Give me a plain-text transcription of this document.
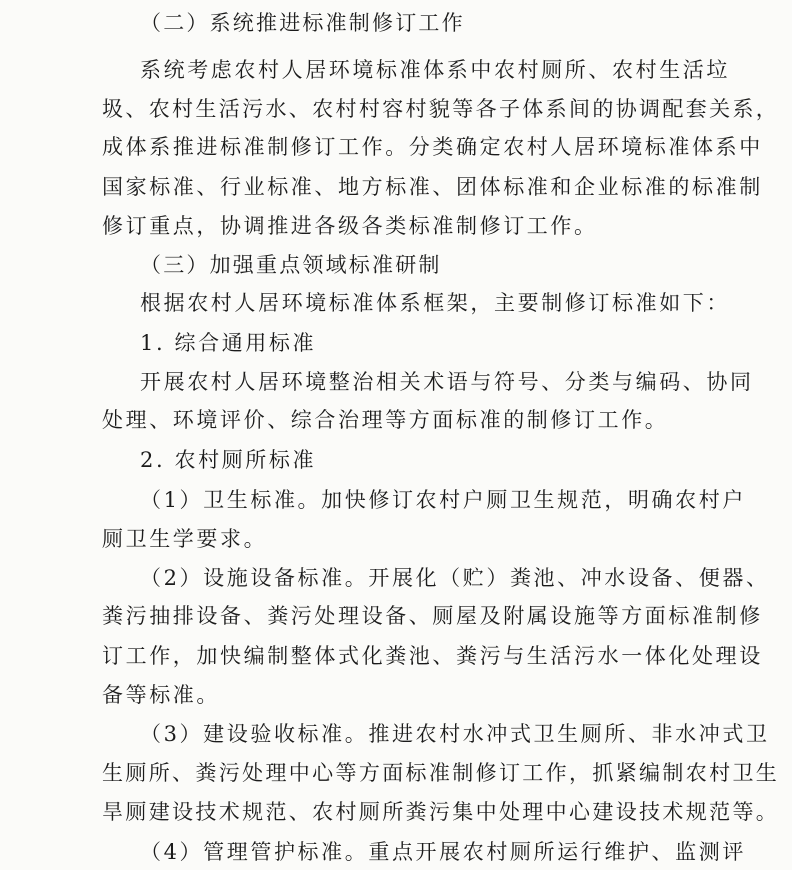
（二）系统推进标准制修订工作
系统考虑农村人居环境标准体系中农村厕所、农村生活垃
圾、农村生活污水、农村村容村貌等各子体系间的协调配套关系，
成体系推进标准制修订工作。分类确定农村人居环境标准体系中
国家标准、行业标准、地方标准、团体标准和企业标准的标准制
修订重点，协调推进各级各类标准制修订工作。
（三）加强重点领域标准研制
根据农村人居环境标准体系框架，主要制修订标准如下：
1. 综合通用标准
开展农村人居环境整治相关术语与符号、分类与编码、协同
处理、环境评价、综合治理等方面标准的制修订工作。
2. 农村厕所标准
（1）卫生标准。加快修订农村户厕卫生规范，明确农村户
厕卫生学要求。
（2）设施设备标准。开展化（贮）粪池、冲水设备、便器、
粪污抽排设备、粪污处理设备、厕屋及附属设施等方面标准制修
订工作，加快编制整体式化粪池、粪污与生活污水一体化处理设
备等标准。
（3）建设验收标准。推进农村水冲式卫生厕所、非水冲式卫
生厕所、粪污处理中心等方面标准制修订工作，抓紧编制农村卫生
旱厕建设技术规范、农村厕所粪污集中处理中心建设技术规范等。
（4）管理管护标准。重点开展农村厕所运行维护、监测评
